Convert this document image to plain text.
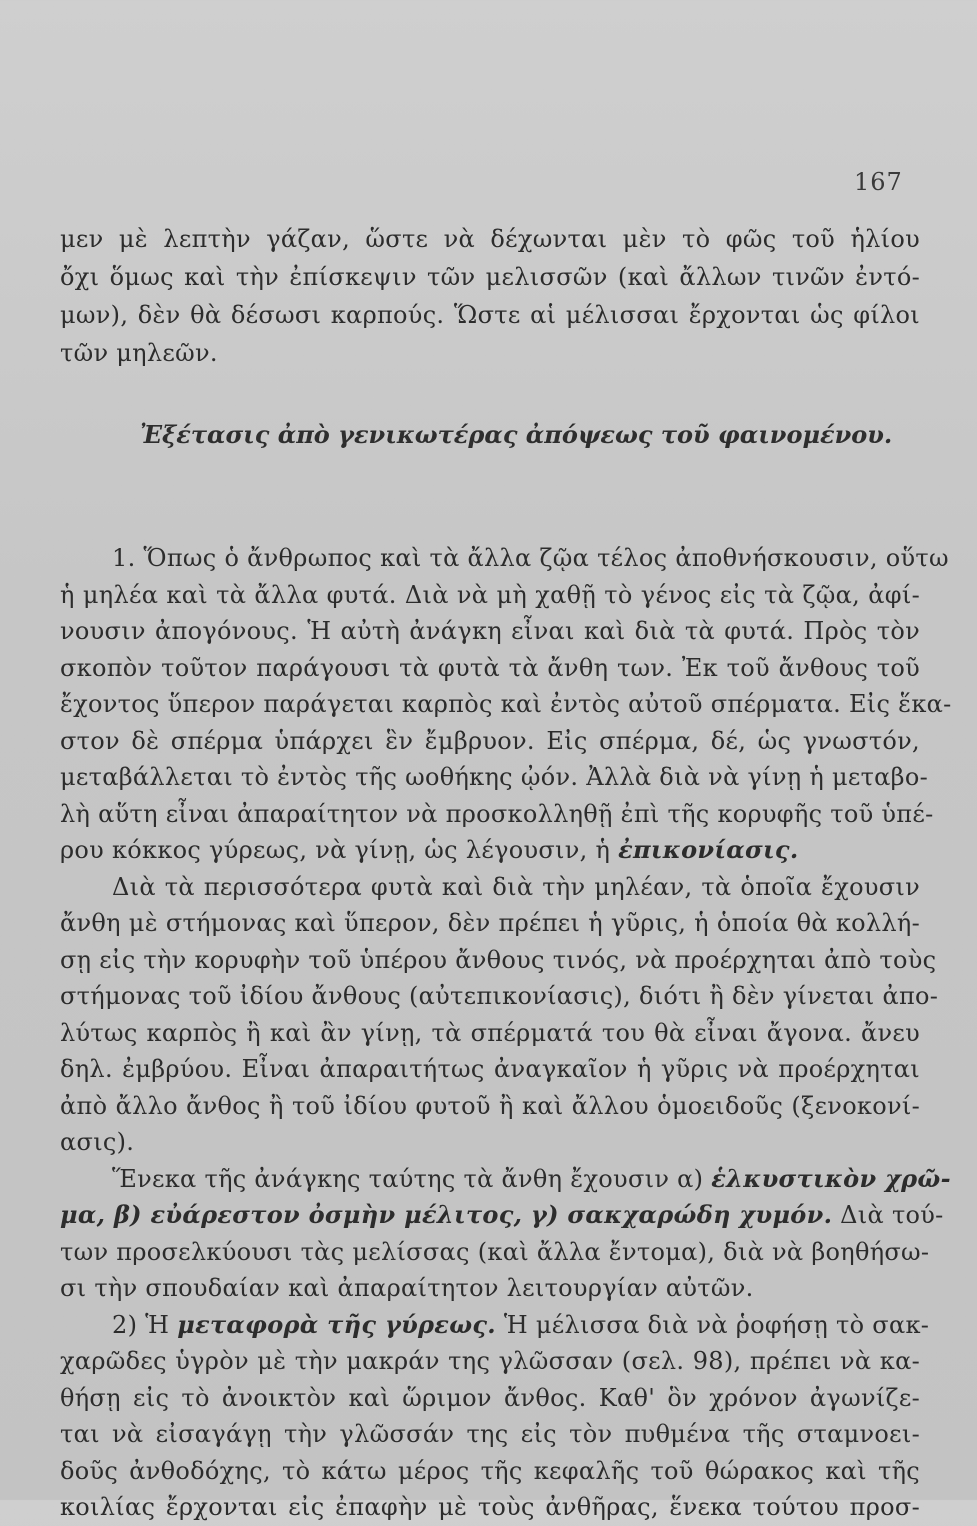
167
μεν μὲ λεπτὴν γάζαν, ὥστε νὰ δέχωνται μὲν τὸ φῶς τοῦ ἡλίου
ὄχι ὅμως καὶ τὴν ἐπίσκεψιν τῶν μελισσῶν (καὶ ἄλλων τινῶν ἐντό-
μων), δὲν θὰ δέσωσι καρπούς. Ὥστε αἱ μέλισσαι ἔρχονται ὡς φίλοι
τῶν μηλεῶν.
Ἐξέτασις ἀπὸ γενικωτέρας ἀπόψεως τοῦ φαινομένου.
1. Ὅπως ὁ ἄνθρωπος καὶ τὰ ἄλλα ζῷα τέλος ἀποθνήσκουσιν, οὕτω
ἡ μηλέα καὶ τὰ ἄλλα φυτά. Διὰ νὰ μὴ χαθῇ τὸ γένος εἰς τὰ ζῷα, ἀφί-
νουσιν ἀπογόνους. Ἡ αὐτὴ ἀνάγκη εἶναι καὶ διὰ τὰ φυτά. Πρὸς τὸν
σκοπὸν τοῦτον παράγουσι τὰ φυτὰ τὰ ἄνθη των. Ἐκ τοῦ ἄνθους τοῦ
ἔχοντος ὕπερον παράγεται καρπὸς καὶ ἐντὸς αὐτοῦ σπέρματα. Εἰς ἕκα-
στον δὲ σπέρμα ὑπάρχει ἓν ἔμβρυον. Εἰς σπέρμα, δέ, ὡς γνωστόν,
μεταβάλλεται τὸ ἐντὸς τῆς ωοθήκης ᾠόν. Ἀλλὰ διὰ νὰ γίνῃ ἡ μεταβο-
λὴ αὕτη εἶναι ἀπαραίτητον νὰ προσκολληθῇ ἐπὶ τῆς κορυφῆς τοῦ ὑπέ-
ρου κόκκος γύρεως, νὰ γίνῃ, ὡς λέγουσιν, ἡ ἐπικονίασις.
Διὰ τὰ περισσότερα φυτὰ καὶ διὰ τὴν μηλέαν, τὰ ὁποῖα ἔχουσιν
ἄνθη μὲ στήμονας καὶ ὕπερον, δὲν πρέπει ἡ γῦρις, ἡ ὁποία θὰ κολλή-
σῃ εἰς τὴν κορυφὴν τοῦ ὑπέρου ἄνθους τινός, νὰ προέρχηται ἀπὸ τοὺς
στήμονας τοῦ ἰδίου ἄνθους (αὐτεπικονίασις), διότι ἢ δὲν γίνεται ἀπο-
λύτως καρπὸς ἢ καὶ ἂν γίνῃ, τὰ σπέρματά του θὰ εἶναι ἄγονα. ἄνευ
δηλ. ἐμβρύου. Εἶναι ἀπαραιτήτως ἀναγκαῖον ἡ γῦρις νὰ προέρχηται
ἀπὸ ἄλλο ἄνθος ἢ τοῦ ἰδίου φυτοῦ ἢ καὶ ἄλλου ὁμοειδοῦς (ξενοκονί-
ασις).
Ἕνεκα τῆς ἀνάγκης ταύτης τὰ ἄνθη ἔχουσιν α) ἑλκυστικὸν χρῶ-
μα, β) εὐάρεστον ὀσμὴν μέλιτος, γ) σακχαρώδη χυμόν. Διὰ τού-
των προσελκύουσι τὰς μελίσσας (καὶ ἄλλα ἔντομα), διὰ νὰ βοηθήσω-
σι τὴν σπουδαίαν καὶ ἀπαραίτητον λειτουργίαν αὐτῶν.
2) Ἡ μεταφορὰ τῆς γύρεως. Ἡ μέλισσα διὰ νὰ ῥοφήσῃ τὸ σακ-
χαρῶδες ὑγρὸν μὲ τὴν μακράν της γλῶσσαν (σελ. 98), πρέπει νὰ κα-
θήσῃ εἰς τὸ ἀνοικτὸν καὶ ὥριμον ἄνθος. Καθ' ὃν χρόνον ἀγωνίζε-
ται νὰ εἰσαγάγῃ τὴν γλῶσσάν της εἰς τὸν πυθμένα τῆς σταμνοει-
δοῦς ἀνθοδόχης, τὸ κάτω μέρος τῆς κεφαλῆς τοῦ θώρακος καὶ τῆς
κοιλίας ἔρχονται εἰς ἐπαφὴν μὲ τοὺς ἀνθῆρας, ἕνεκα τούτου προσ-
